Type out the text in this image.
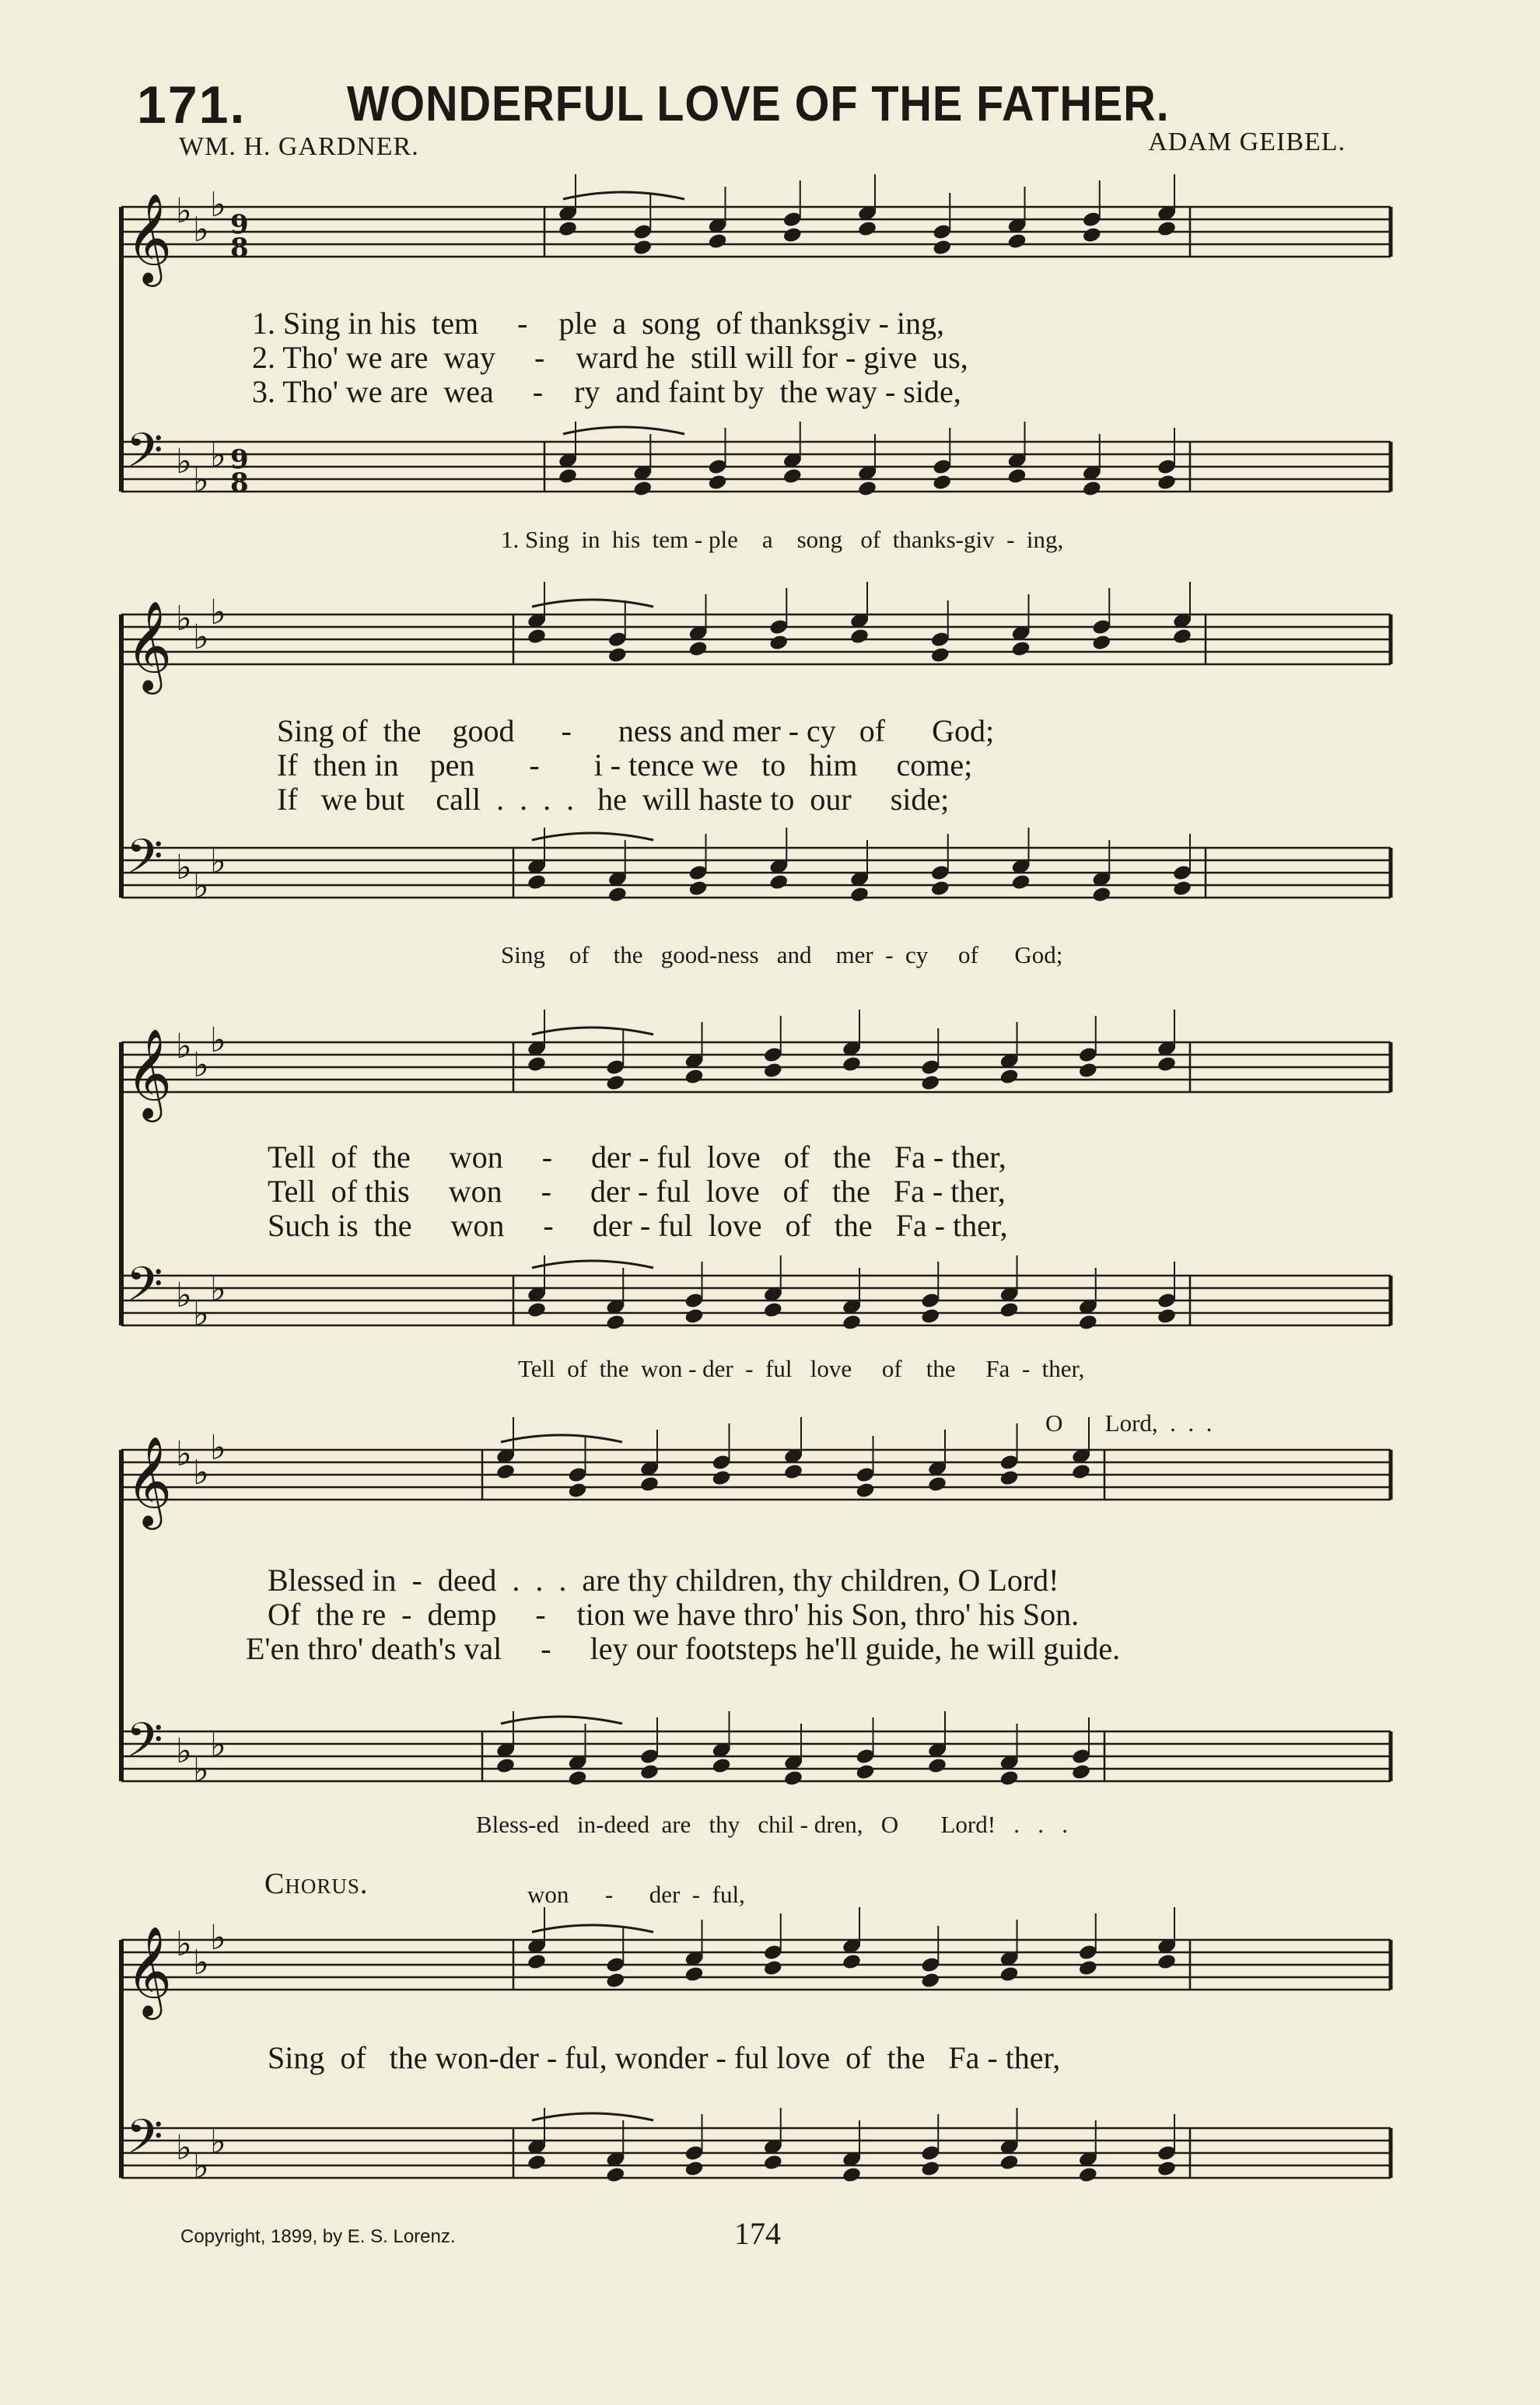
171. WONDERFUL LOVE OF THE FATHER.
WM. H. GARDNER.	ADAM GEIBEL.
𝄞 ♭ ♭
♭ 9
8
𝄢 ♭ ♭
♭ 9
8
𝄞 ♭ ♭
♭
𝄢 ♭ ♭
♭
𝄞 ♭ ♭
♭
𝄢 ♭ ♭
♭
𝄞 ♭ ♭
♭
𝄢 ♭ ♭
♭
𝄞 ♭ ♭
♭
𝄢 ♭ ♭
♭
1. Sing in his  tem     -    ple  a  song  of thanksgiv - ing,
2. Tho' we are  way     -    ward he  still will for - give  us,
3. Tho' we are  wea     -    ry  and faint by  the way - side,
1. Sing  in  his  tem - ple    a    song   of  thanks-giv  -  ing,
Sing of  the    good      -      ness and mer - cy   of      God;
If  then in    pen       -       i - tence we   to   him     come;
If   we but    call  .  .  .  .   he  will haste to  our     side;
Sing    of    the   good-ness   and    mer  -  cy     of      God;
Tell  of  the     won     -     der - ful  love   of   the   Fa - ther,
Tell  of this     won     -     der - ful  love   of   the   Fa - ther,
Such is  the     won     -     der - ful  love   of   the   Fa - ther,
Tell  of  the  won - der  -  ful   love     of    the     Fa  -  ther,
O       Lord,  .  .  .
Blessed in  -  deed  .  .  .  are thy children, thy children, O Lord!
Of  the re  -  demp     -    tion we have thro' his Son, thro' his Son.
E'en thro' death's val     -     ley our footsteps he'll guide, he will guide.
Bless-ed   in-deed  are   thy   chil - dren,   O       Lord!   .   .   .
Chorus.	won      -      der  -  ful,
Sing  of   the won-der - ful, wonder - ful love  of  the   Fa - ther,
Copyright, 1899, by E. S. Lorenz.	174
